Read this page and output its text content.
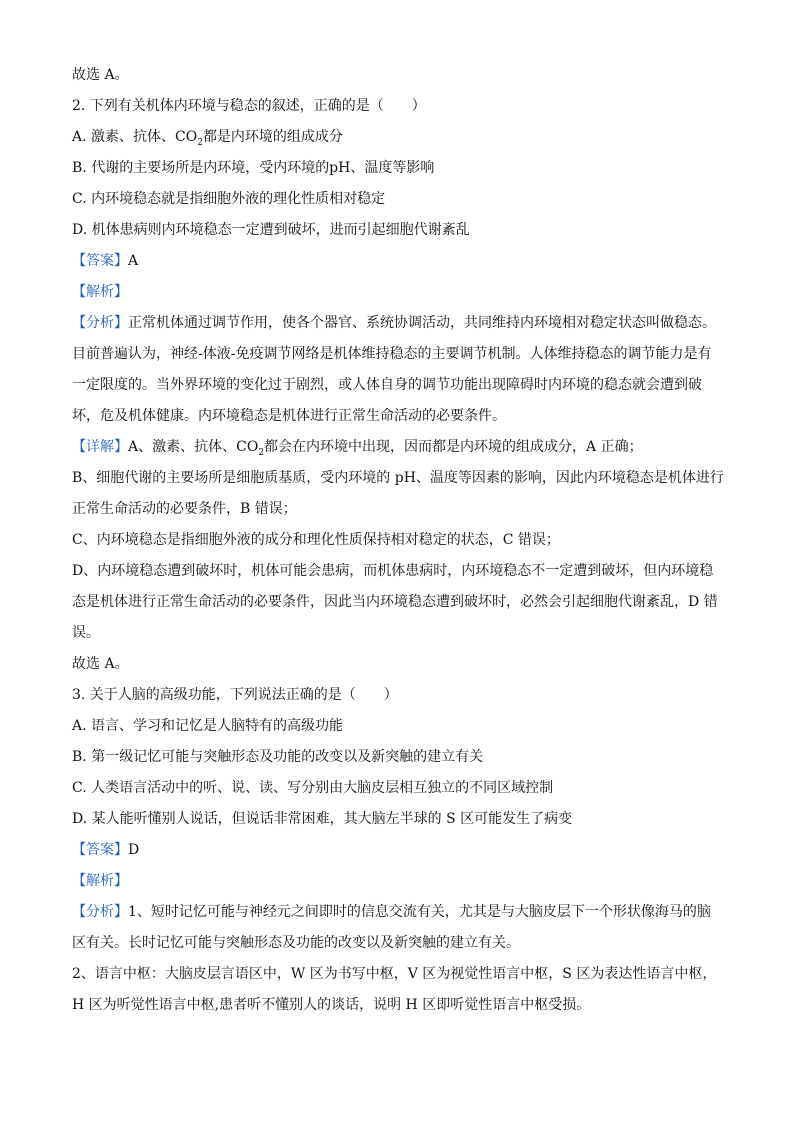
故选 A。
2. 下列有关机体内环境与稳态的叙述，正确的是（　　）
A. 激素、抗体、$CO_2$都是内环境的组成成分
B. 代谢的主要场所是内环境，受内环境的pH、温度等影响
C. 内环境稳态就是指细胞外液的理化性质相对稳定
D. 机体患病则内环境稳态一定遭到破坏，进而引起细胞代谢紊乱
【答案】A
【解析】
【分析】正常机体通过调节作用，使各个器官、系统协调活动，共同维持内环境相对稳定状态叫做稳态。
目前普遍认为，神经-体液-免疫调节网络是机体维持稳态的主要调节机制。人体维持稳态的调节能力是有
一定限度的。当外界环境的变化过于剧烈，或人体自身的调节功能出现障碍时内环境的稳态就会遭到破
坏，危及机体健康。内环境稳态是机体进行正常生命活动的必要条件。
【详解】A、激素、抗体、$CO_2$都会在内环境中出现，因而都是内环境的组成成分，A 正确；
B、细胞代谢的主要场所是细胞质基质，受内环境的 pH、温度等因素的影响，因此内环境稳态是机体进行
正常生命活动的必要条件，B 错误；
C、内环境稳态是指细胞外液的成分和理化性质保持相对稳定的状态，C 错误；
D、内环境稳态遭到破坏时，机体可能会患病，而机体患病时，内环境稳态不一定遭到破坏，但内环境稳
态是机体进行正常生命活动的必要条件，因此当内环境稳态遭到破坏时，必然会引起细胞代谢紊乱，D 错
误。
故选 A。
3. 关于人脑的高级功能，下列说法正确的是（　　）
A. 语言、学习和记忆是人脑特有的高级功能
B. 第一级记忆可能与突触形态及功能的改变以及新突触的建立有关
C. 人类语言活动中的听、说、读、写分别由大脑皮层相互独立的不同区域控制
D. 某人能听懂别人说话，但说话非常困难，其大脑左半球的 S 区可能发生了病变
【答案】D
【解析】
【分析】1、短时记忆可能与神经元之间即时的信息交流有关，尤其是与大脑皮层下一个形状像海马的脑
区有关。长时记忆可能与突触形态及功能的改变以及新突触的建立有关。
2、语言中枢：大脑皮层言语区中，W 区为书写中枢，V 区为视觉性语言中枢，S 区为表达性语言中枢，
H 区为听觉性语言中枢,患者听不懂别人的谈话，说明 H 区即听觉性语言中枢受损。
